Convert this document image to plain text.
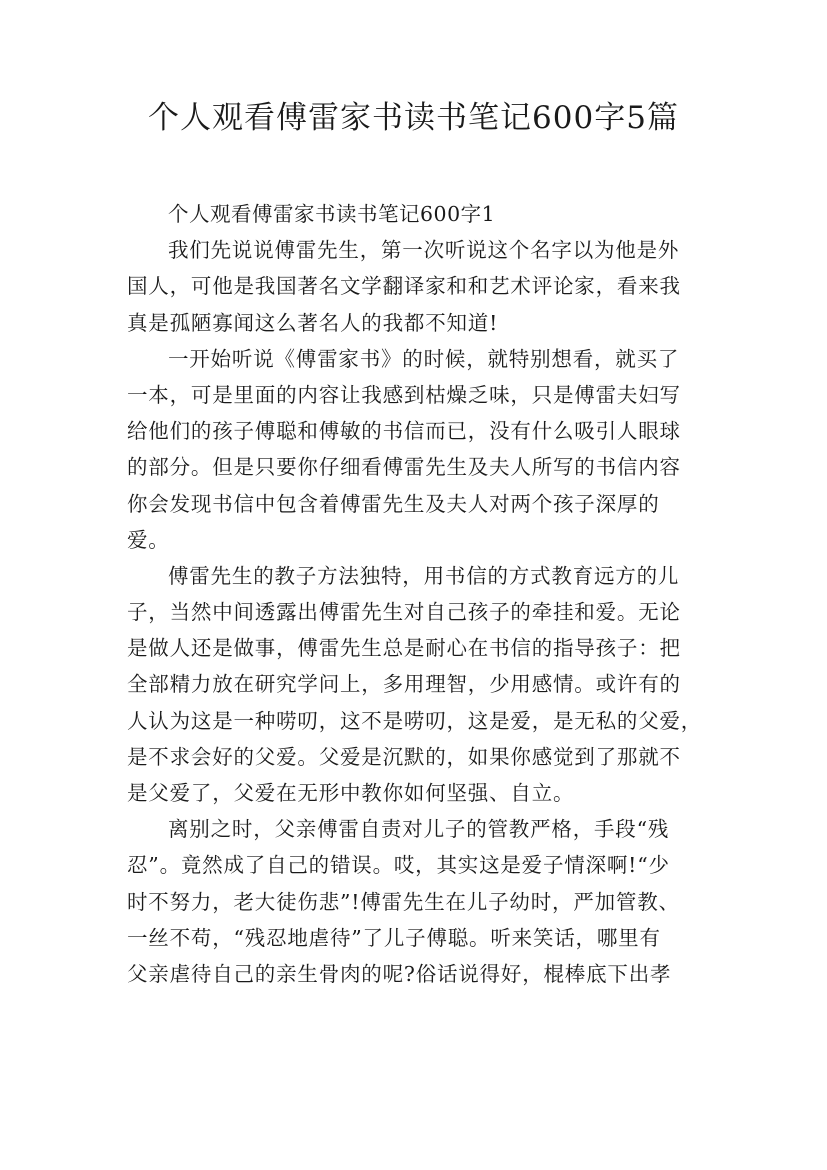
个人观看傅雷家书读书笔记600字5篇
个人观看傅雷家书读书笔记600字1
我们先说说傅雷先生，第一次听说这个名字以为他是外
国人，可他是我国著名文学翻译家和和艺术评论家，看来我
真是孤陋寡闻这么著名人的我都不知道!
一开始听说《傅雷家书》的时候，就特别想看，就买了
一本，可是里面的内容让我感到枯燥乏味，只是傅雷夫妇写
给他们的孩子傅聪和傅敏的书信而已，没有什么吸引人眼球
的部分。但是只要你仔细看傅雷先生及夫人所写的书信内容
你会发现书信中包含着傅雷先生及夫人对两个孩子深厚的
爱。
傅雷先生的教子方法独特，用书信的方式教育远方的儿
子，当然中间透露出傅雷先生对自己孩子的牵挂和爱。无论
是做人还是做事，傅雷先生总是耐心在书信的指导孩子：把
全部精力放在研究学问上，多用理智，少用感情。或许有的
人认为这是一种唠叨，这不是唠叨，这是爱，是无私的父爱，
是不求会好的父爱。父爱是沉默的，如果你感觉到了那就不
是父爱了，父爱在无形中教你如何坚强、自立。
离别之时，父亲傅雷自责对儿子的管教严格，手段“残
忍”。竟然成了自己的错误。哎，其实这是爱子情深啊!“少
时不努力，老大徒伤悲”!傅雷先生在儿子幼时，严加管教、
一丝不苟，“残忍地虐待”了儿子傅聪。听来笑话，哪里有
父亲虐待自己的亲生骨肉的呢?俗话说得好，棍棒底下出孝
